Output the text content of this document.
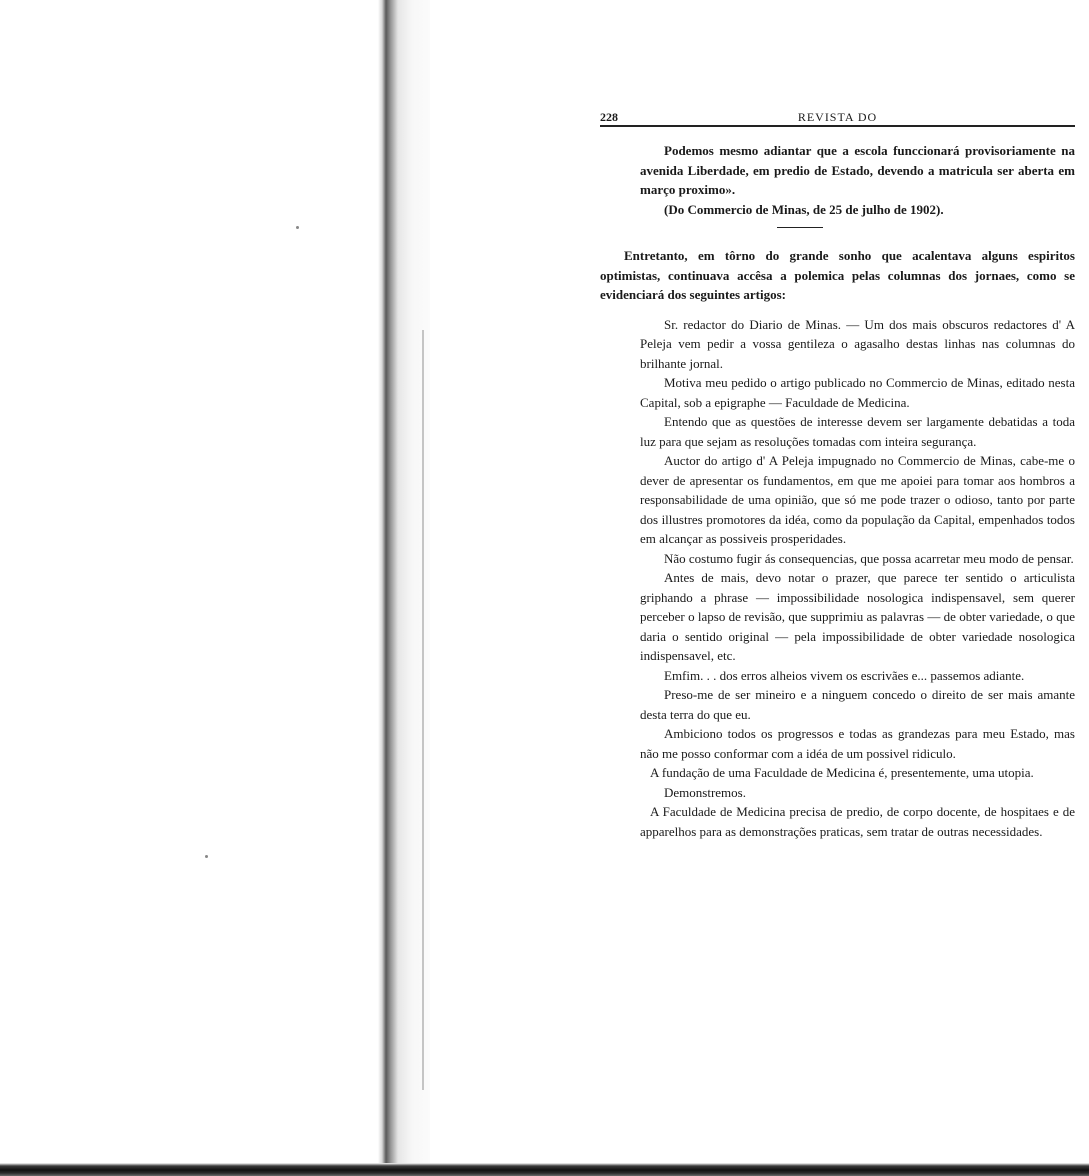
228	REVISTA DO

Podemos mesmo adiantar que a escola funccionará provisoriamente na avenida Liberdade, em predio de Estado, devendo a matricula ser aberta em março proximo».

(Do Commercio de Minas, de 25 de julho de 1902).

Entretanto, em tôrno do grande sonho que acalentava alguns espiritos optimistas, continuava accêsa a polemica pelas columnas dos jornaes, como se evidenciará dos seguintes artigos:

Sr. redactor do Diario de Minas. — Um dos mais obscuros redactores d' A Peleja vem pedir a vossa gentileza o agasalho destas linhas nas columnas do brilhante jornal.

Motiva meu pedido o artigo publicado no Commercio de Minas, editado nesta Capital, sob a epigraphe — Faculdade de Medicina.

Entendo que as questões de interesse devem ser largamente debatidas a toda luz para que sejam as resoluções tomadas com inteira segurança.

Auctor do artigo d' A Peleja impugnado no Commercio de Minas, cabe-me o dever de apresentar os fundamentos, em que me apoiei para tomar aos hombros a responsabilidade de uma opinião, que só me pode trazer o odioso, tanto por parte dos illustres promotores da idéa, como da população da Capital, empenhados todos em alcançar as possiveis prosperidades.

Não costumo fugir ás consequencias, que possa acarretar meu modo de pensar.

Antes de mais, devo notar o prazer, que parece ter sentido o articulista griphando a phrase — impossibilidade nosologica indispensavel, sem querer perceber o lapso de revisão, que supprimiu as palavras — de obter variedade, o que daria o sentido original — pela impossibilidade de obter variedade nosologica indispensavel, etc.

Emfim. . . dos erros alheios vivem os escrivães e... passemos adiante.

Preso-me de ser mineiro e a ninguem concedo o direito de ser mais amante desta terra do que eu.

Ambiciono todos os progressos e todas as grandezas para meu Estado, mas não me posso conformar com a idéa de um possivel ridiculo.

A fundação de uma Faculdade de Medicina é, presentemente, uma utopia.

Demonstremos.

A Faculdade de Medicina precisa de predio, de corpo docente, de hospitaes e de apparelhos para as demonstrações praticas, sem tratar de outras necessidades.
